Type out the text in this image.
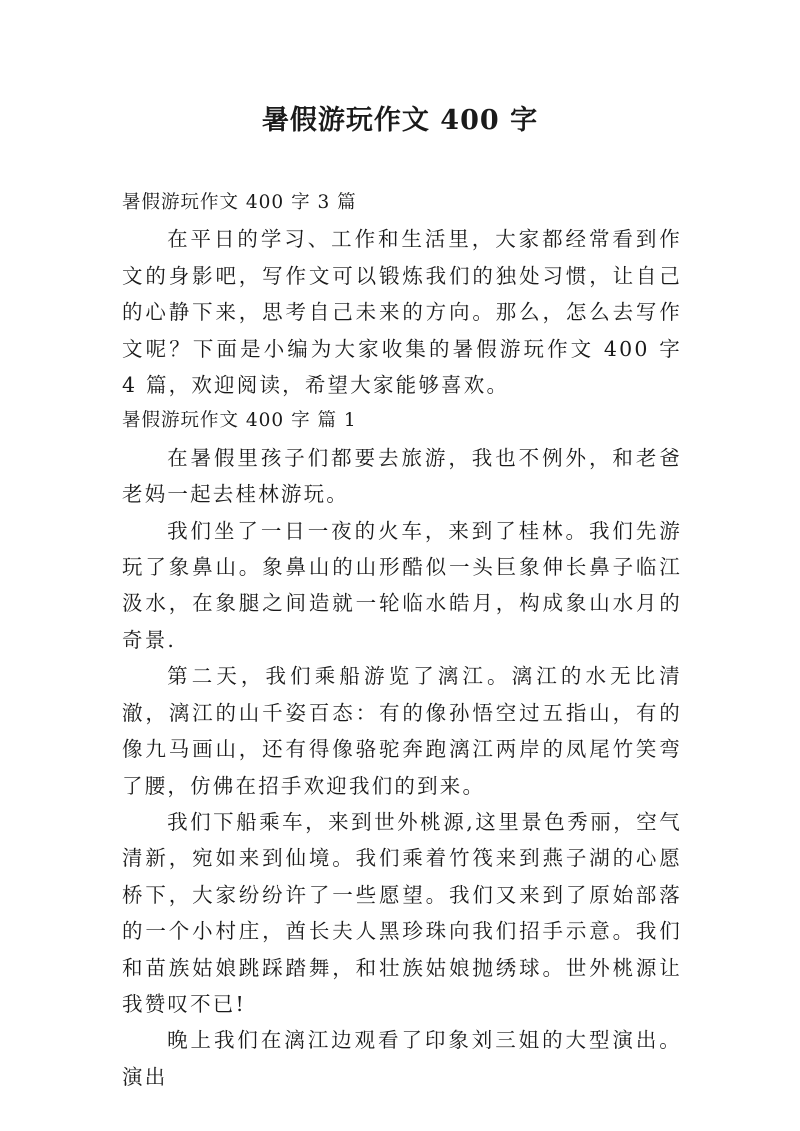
暑假游玩作文 400 字

暑假游玩作文 400 字 3 篇

在平日的学习、工作和生活里，大家都经常看到作文的身影吧，写作文可以锻炼我们的独处习惯，让自己的心静下来，思考自己未来的方向。那么，怎么去写作文呢？下面是小编为大家收集的暑假游玩作文 400 字 4 篇，欢迎阅读，希望大家能够喜欢。

暑假游玩作文 400 字 篇 1

在暑假里孩子们都要去旅游，我也不例外，和老爸老妈一起去桂林游玩。

我们坐了一日一夜的火车，来到了桂林。我们先游玩了象鼻山。象鼻山的山形酷似一头巨象伸长鼻子临江汲水，在象腿之间造就一轮临水皓月，构成象山水月的奇景.

第二天，我们乘船游览了漓江。漓江的水无比清澈，漓江的山千姿百态：有的像孙悟空过五指山，有的像九马画山，还有得像骆驼奔跑漓江两岸的凤尾竹笑弯了腰，仿佛在招手欢迎我们的到来。

我们下船乘车，来到世外桃源,这里景色秀丽，空气清新，宛如来到仙境。我们乘着竹筏来到燕子湖的心愿桥下，大家纷纷许了一些愿望。我们又来到了原始部落的一个小村庄，酋长夫人黑珍珠向我们招手示意。我们和苗族姑娘跳踩踏舞，和壮族姑娘抛绣球。世外桃源让我赞叹不已!

晚上我们在漓江边观看了印象刘三姐的大型演出。演出
